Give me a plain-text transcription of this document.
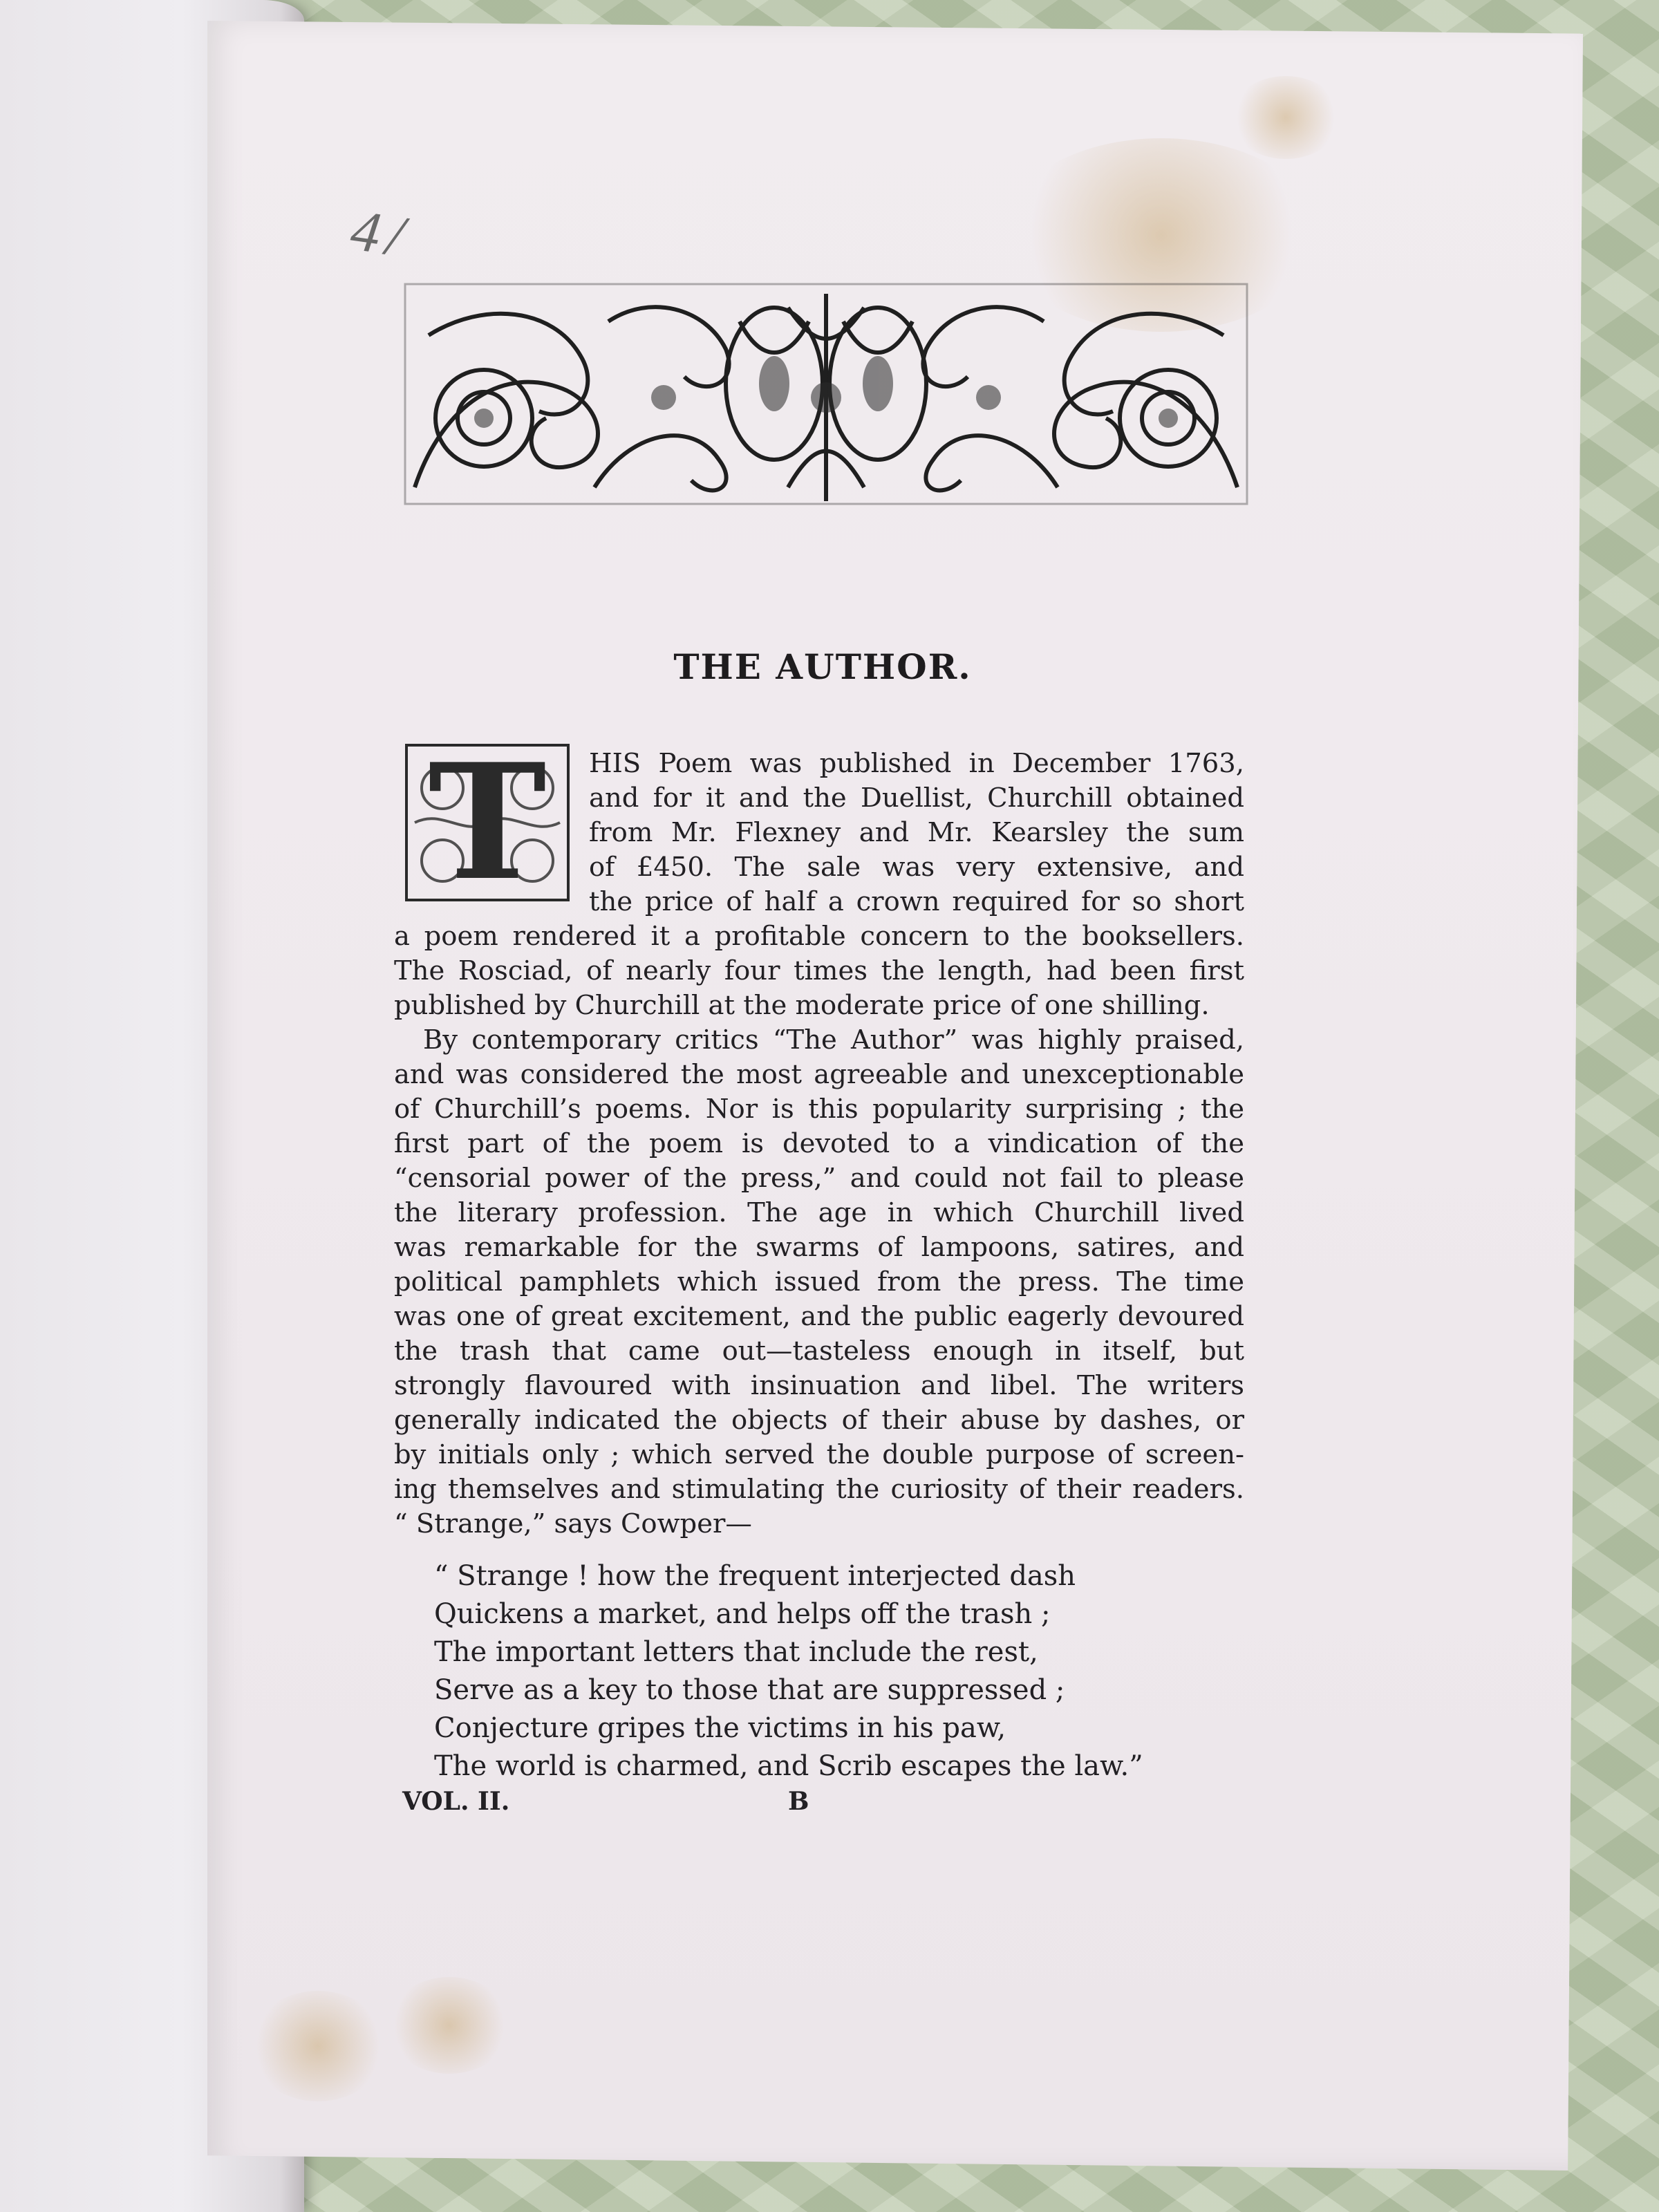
4/
THE AUTHOR.
T	HIS Poem was published in December 1763,
and for it and the Duellist, Churchill obtained
from Mr. Flexney and Mr. Kearsley the sum
of £450. The sale was very extensive, and
the price of half a crown required for so short
a poem rendered it a profitable concern to the booksellers.
The Rosciad, of nearly four times the length, had been first
published by Churchill at the moderate price of one shilling.
By contemporary critics “The Author” was highly praised,
and was considered the most agreeable and unexceptionable
of Churchill’s poems. Nor is this popularity surprising ; the
first part of the poem is devoted to a vindication of the
“censorial power of the press,” and could not fail to please
the literary profession. The age in which Churchill lived
was remarkable for the swarms of lampoons, satires, and
political pamphlets which issued from the press. The time
was one of great excitement, and the public eagerly devoured
the trash that came out—tasteless enough in itself, but
strongly flavoured with insinuation and libel. The writers
generally indicated the objects of their abuse by dashes, or
by initials only ; which served the double purpose of screen-
ing themselves and stimulating the curiosity of their readers.
“ Strange,” says Cowper—
“ Strange ! how the frequent interjected dash
Quickens a market, and helps off the trash ;
The important letters that include the rest,
Serve as a key to those that are suppressed ;
Conjecture gripes the victims in his paw,
The world is charmed, and Scrib escapes the law.”
VOL. II.	B
